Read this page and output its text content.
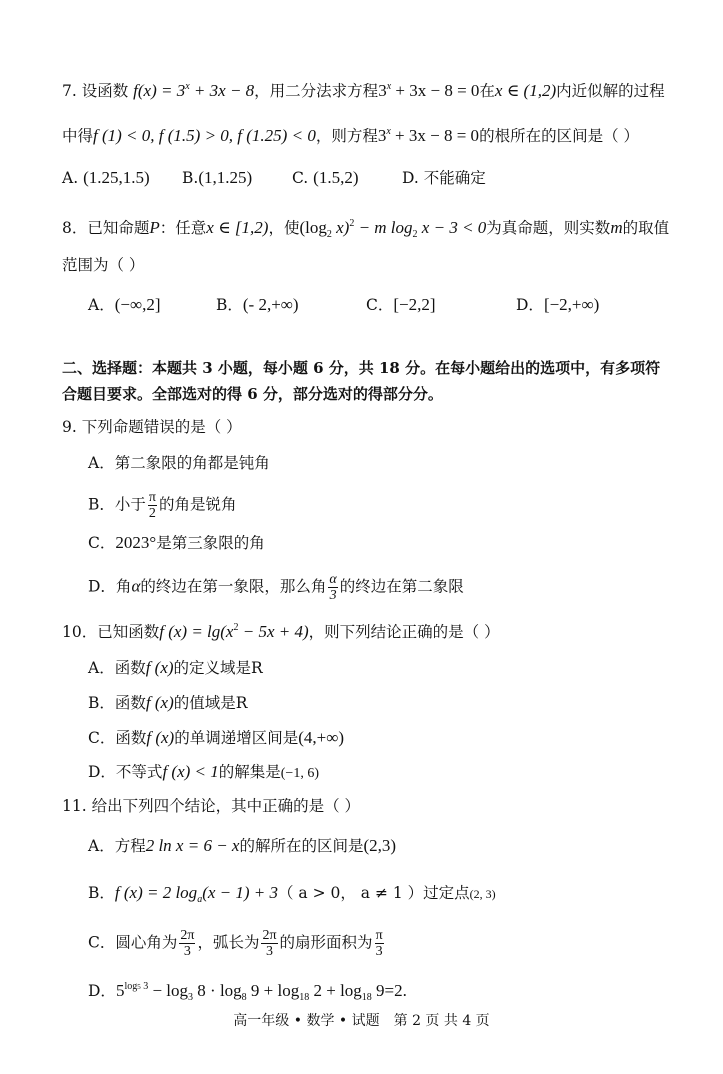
7. 设函数 $f(x) = 3^x + 3x - 8$，用二分法求方程$3^x + 3x - 8 = 0$在x ∈ (1,2)内近似解的过程
中得f (1) < 0, f (1.5) > 0, f (1.25) < 0，则方程$3^x + 3x - 8 = 0$的根所在的区间是（ ）
A. (1.25,1.5) B.(1,1.25)	C. (1.5,2)	D. 不能确定
8．已知命题P：任意x ∈ [1,2)，使($\log_2$ x)$^2$ − m $\log_2 x - 3 < 0$为真命题，则实数m的取值
范围为（ ）
A．(−∞,2]	B．(- 2,+∞)	C．[−2,2]	D．[−2,+∞)
二、选择题：本题共 3 小题，每小题 6 分，共 18 分。在每小题给出的选项中，有多项符
合题目要求。全部选对的得 6 分，部分选对的得部分分。
9. 下列命题错误的是（ ）
A．第二象限的角都是钝角
B．小于 $\frac{\pi}{2}$ 的角是锐角
C．2023°是第三象限的角
D．角α的终边在第一象限，那么角 $\frac{\alpha}{3}$ 的终边在第二象限
10．已知函数f $(x) = \lg(x^2 - 5x + 4)$，则下列结论正确的是（ ）
A．函数f (x)的定义域是R
B．函数f (x)的值域是R
C．函数f (x)的单调递增区间是(4,+∞)
D．不等式f (x) < 1的解集是(−1, 6)
11. 给出下列四个结论，其中正确的是（ ）
A．方程2 ln x = 6 − x的解所在的区间是(2,3)
B．f (x) = 2 $\log_a(x - 1) + 3$（ a > 0， a ≠ 1 ）过定点(2, 3)
C．圆心角为 $\frac{2\pi}{3}$ ，弧长为 $\frac{2\pi}{3}$ 的扇形面积为 $\frac{\pi}{3}$
D．$5^{log5 3} - \log_3 8 \cdot \log_8 9 + \log_{18} 2 + \log_{18} 9=2$.
高一年级 • 数学 • 试题　第 2 页 共 4 页
